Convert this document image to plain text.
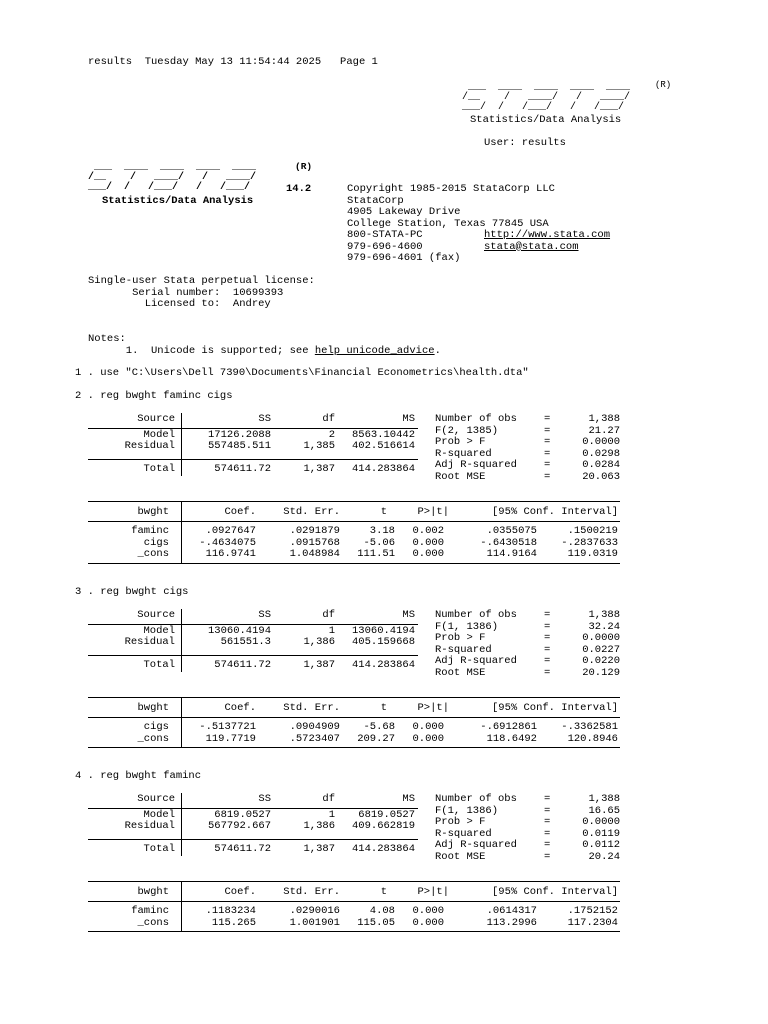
results  Tuesday May 13 11:54:44 2025   Page 1
___  ____  ____  ____  ____
/__    /   ____/   /   ____/
___/  /   /___/   /   /___/
(R)
Statistics/Data Analysis
User: results
___  ____  ____  ____  ____
/__    /   ____/   /   ____/
___/  /   /___/   /   /___/
(R)
14.2
Statistics/Data Analysis
Copyright 1985-2015 StataCorp LLC
StataCorp
4905 Lakeway Drive
College Station, Texas 77845 USA
800-STATA-PC	http://www.stata.com
979-696-4600	stata@stata.com
979-696-4601 (fax)
Single-user Stata perpetual license:
Serial number:  10699393
Licensed to:  Andrey
Notes:
1.  Unicode is supported; see help unicode_advice.
1 . use "C:\Users\Dell 7390\Documents\Financial Econometrics\health.dta"
2 . reg bwght faminc cigs
3 . reg bwght cigs
4 . reg bwght faminc
Source	SS	df	MS
Model	17126.2088	2 8563.10442
Residual	557485.511	1,385 402.516614
Total	574611.72	1,387 414.283864
Number of obs	=	1,388
F(2, 1385)	=	21.27
Prob > F	=	0.0000
R-squared	=	0.0298
Adj R-squared	=	0.0284
Root MSE	=	20.063
bwght	Coef.	Std. Err.	t	P>|t|	[95% Conf. Interval]
faminc	.0927647	.0291879	3.18 0.002	.0355075	.1500219
cigs	-.4634075	.0915768 -5.06 0.000	-.6430518 -.2837633
_cons	116.9741	1.048984 111.51 0.000	114.9164	119.0319
Source	SS	df	MS
Model	13060.4194	1 13060.4194
Residual	561551.3	1,386 405.159668
Total	574611.72	1,387 414.283864
Number of obs	=	1,388
F(1, 1386)	=	32.24
Prob > F	=	0.0000
R-squared	=	0.0227
Adj R-squared	=	0.0220
Root MSE	=	20.129
bwght	Coef.	Std. Err.	t	P>|t|	[95% Conf. Interval]
cigs	-.5137721	.0904909 -5.68 0.000	-.6912861 -.3362581
_cons	119.7719	.5723407 209.27 0.000	118.6492	120.8946
Source	SS	df	MS
Model	6819.0527	1 6819.0527
Residual	567792.667	1,386 409.662819
Total	574611.72	1,387 414.283864
Number of obs	=	1,388
F(1, 1386)	=	16.65
Prob > F	=	0.0000
R-squared	=	0.0119
Adj R-squared	=	0.0112
Root MSE	=	20.24
bwght	Coef.	Std. Err.	t	P>|t|	[95% Conf. Interval]
faminc	.1183234	.0290016	4.08 0.000	.0614317	.1752152
_cons	115.265	1.001901 115.05 0.000	113.2996	117.2304
